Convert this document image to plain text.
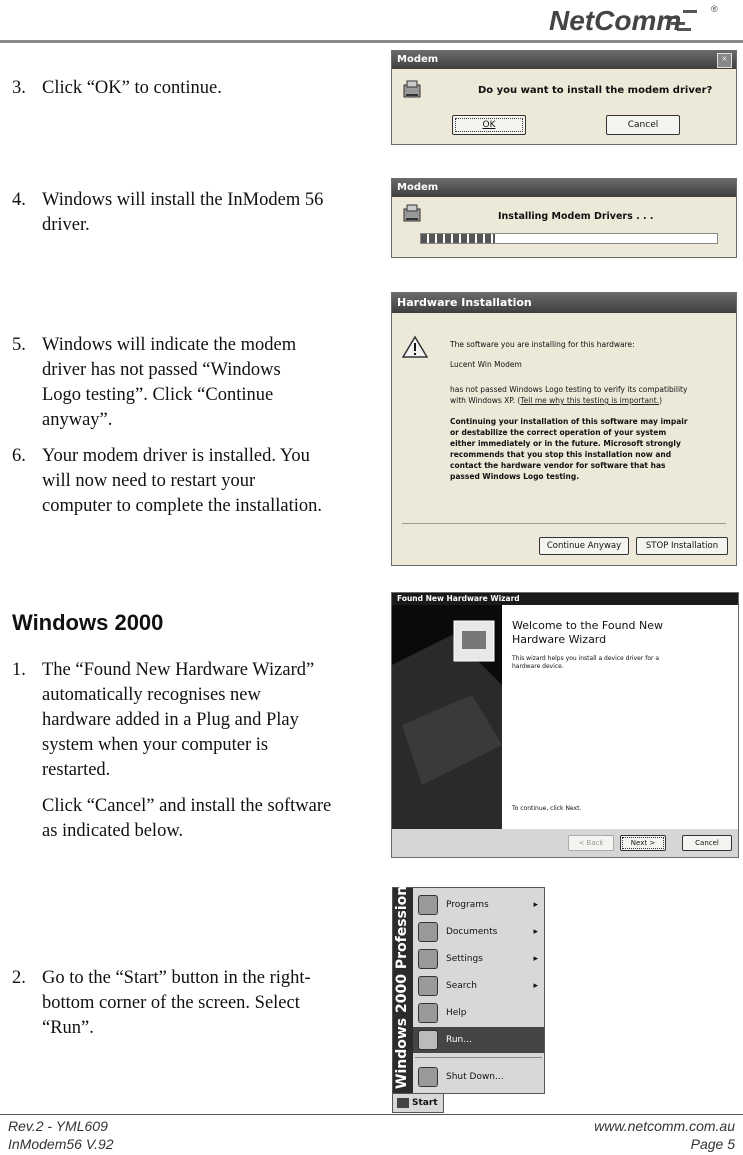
NetComm	®
3. Click “OK” to continue.
4. Windows will install the InModem 56
driver.
5. Windows will indicate the modem
driver has not passed “Windows
Logo testing”. Click “Continue
anyway”.
6. Your modem driver is installed. You
will now need to restart your
computer to complete the installation.
Windows 2000
1. The “Found New Hardware Wizard”
automatically recognises new
hardware added in a Plug and Play
system when your computer is
restarted.
Click “Cancel” and install the software
as indicated below.
2. Go to the “Start” button in the right-
bottom corner of the screen. Select
“Run”.
Modem	×
Do you want to install the modem driver?
OK	Cancel
Modem
Installing Modem Drivers . . .
Hardware Installation
The software you are installing for this hardware:
Lucent Win Modem
has not passed Windows Logo testing to verify its compatibility
with Windows XP. (Tell me why this testing is important.)
Continuing your installation of this software may impair
or destabilize the correct operation of your system
either immediately or in the future. Microsoft strongly
recommends that you stop this installation now and
contact the hardware vendor for software that has
passed Windows Logo testing.
Continue Anyway	STOP Installation
Found New Hardware Wizard
Welcome to the Found New
Hardware Wizard
This wizard helps you install a device driver for a
hardware device.
To continue, click Next.
< Back	Next >	Cancel
Windows 2000 Professional	Programs	▸
Documents	▸
Settings	▸
Search	▸
Help
Run...
Shut Down...
Start
Rev.2 - YML609
InModem56 V.92
www.netcomm.com.au
Page 5
